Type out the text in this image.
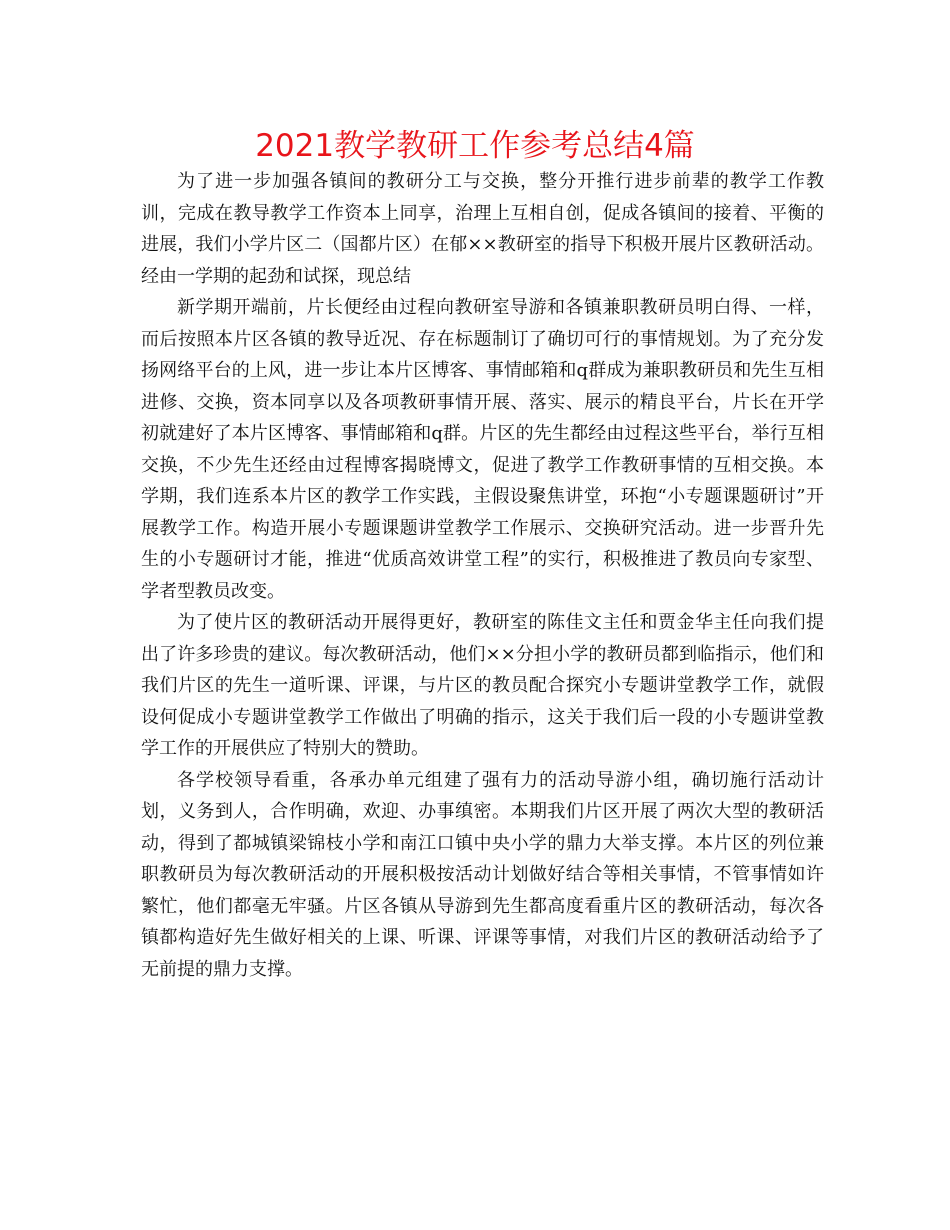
2021教学教研工作参考总结4篇

为了进一步加强各镇间的教研分工与交换，整分开推行进步前辈的教学工作教训，完成在教导教学工作资本上同享，治理上互相自创，促成各镇间的接着、平衡的进展，我们小学片区二（国都片区）在郁××教研室的指导下积极开展片区教研活动。经由一学期的起劲和试探，现总结

新学期开端前，片长便经由过程向教研室导游和各镇兼职教研员明白得、一样，而后按照本片区各镇的教导近况、存在标题制订了确切可行的事情规划。为了充分发扬网络平台的上风，进一步让本片区博客、事情邮箱和q群成为兼职教研员和先生互相进修、交换，资本同享以及各项教研事情开展、落实、展示的精良平台，片长在开学初就建好了本片区博客、事情邮箱和q群。片区的先生都经由过程这些平台，举行互相交换，不少先生还经由过程博客揭晓博文，促进了教学工作教研事情的互相交换。本学期，我们连系本片区的教学工作实践，主假设聚焦讲堂，环抱“小专题课题研讨”开展教学工作。构造开展小专题课题讲堂教学工作展示、交换研究活动。进一步晋升先生的小专题研讨才能，推进“优质高效讲堂工程”的实行，积极推进了教员向专家型、学者型教员改变。

为了使片区的教研活动开展得更好，教研室的陈佳文主任和贾金华主任向我们提出了许多珍贵的建议。每次教研活动，他们××分担小学的教研员都到临指示，他们和我们片区的先生一道听课、评课，与片区的教员配合探究小专题讲堂教学工作，就假设何促成小专题讲堂教学工作做出了明确的指示，这关于我们后一段的小专题讲堂教学工作的开展供应了特别大的赞助。

各学校领导看重，各承办单元组建了强有力的活动导游小组，确切施行活动计划，义务到人，合作明确，欢迎、办事缜密。本期我们片区开展了两次大型的教研活动，得到了都城镇梁锦枝小学和南江口镇中央小学的鼎力大举支撑。本片区的列位兼职教研员为每次教研活动的开展积极按活动计划做好结合等相关事情，不管事情如许繁忙，他们都毫无牢骚。片区各镇从导游到先生都高度看重片区的教研活动，每次各镇都构造好先生做好相关的上课、听课、评课等事情，对我们片区的教研活动给予了无前提的鼎力支撑。
